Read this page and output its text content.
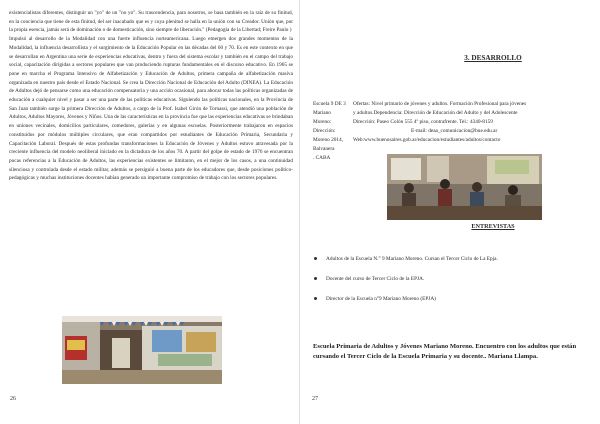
existencialistas diferentes, distinguir un "yo" de un "no yo". Su trascendencia, para nosotros, se basa también en la raíz de su finitud, en la conciencia que tiene de esta finitud, del ser inacabado que es y cuya plenitud se halla en la unión con su Creador. Unión que, por la propia esencia, jamás será de dominación o de domesticación, sino siempre de liberación." (Pedagogía de la Libertad; Freire Paulo )

Impulsó al desarrollo de la Modalidad con una fuerte influencia norteamericana. Luego emergen dos grandes momentos de la Modalidad, la influencia desarrollista y el surgimiento de la Educación Popular en las décadas del 60 y 70. Es en este contexto en que se desarrollan en Argentina una serie de experiencias educativas, dentro y fuera del sistema escolar y también en el campo del trabajo social, capacitación dirigidas a sectores populares que van produciendo rupturas fundamentales en el discurso educativo. En 1965 se pone en marcha el Programa Intensivo de Alfabetización y Educación de Adultos, primera campaña de alfabetización masiva organizada en nuestro país desde el Estado Nacional. Se crea la Dirección Nacional de Educación del Adulto (DINEA). La Educación de Adultos dejó de pensarse como una educación compensatoria y una acción ocasional, para abocar todas las políticas organizadas de educación a cualquier nivel y pasar a ser una parte de las políticas educativas. Siguiendo las políticas nacionales, en la Provincia de San Juan también surge la primera Dirección de Adultos, a cargo de la Prof. Isabel Girón de Tornassi, que atendió una población de Adultos, Adultos Mayores, Jóvenes y Niños. Una de las características en la provincia fue que las experiencias educativas se brindaban en uniones vecinales, domicilios particulares, comedores, galerías y en algunas escuelas. Posteriormente trabajaron en espacios constituidos por módulos múltiples circulares, que eran compartidos por estudiantes de Educación Primaria, Secundaria y Capacitación Laboral. Después de estas profundas transformaciones la Educación de Jóvenes y Adultos estuvo atravesada por la creciente influencia del modelo neoliberal iniciado en la dictadura de los años 70. A partir del golpe de estado de 1976 se encuentran pocas referencias a la Educación de Adultos, las experiencias existentes se limitaron, en el mejor de los casos, a una continuidad silenciosa y controlada desde el estado militar, además se persiguió a buena parte de los educadores que, desde posiciones político- pedagógicas y muchas instituciones docentes habían generado un importante compromiso de trabajo con los sectores populares.

26
3. DESARROLLO
Escuela 9 DE 3	Ofertas: Nivel primario de jóvenes y adultos. Formación Profesional para jóvenes
Mariano	y adultos.Dependencia: Dirección de Educación del Adulto y del Adolescente
Moreno:	Dirección: Paseo Colón 555 4º piso, contrafrente. Tel.: 4340-8159
Dirección:	E-mail: deaa_comunicacion@bue.edu.ar
Moreno 2014,	Web:www.buenosaires.gob.ar/educacion/estudiantes/adultos/contacto
Balvanera
. CABA
ENTREVISTAS
Adultos de la Escuela N.° 9 Mariano Moreno. Cursan el Tercer Ciclo de La Epja.
Docente del curso de Tercer Ciclo de la EPJA.
Director de la Escuela n°9 Mariano Moreno (EPJA)
Escuela Primaria de Adultos y Jóvenes Mariano Moreno. Encuentro con los adultos que están cursando el Tercer Ciclo de la Escuela Primaria y su docente.. Mariana Llampa.
27
